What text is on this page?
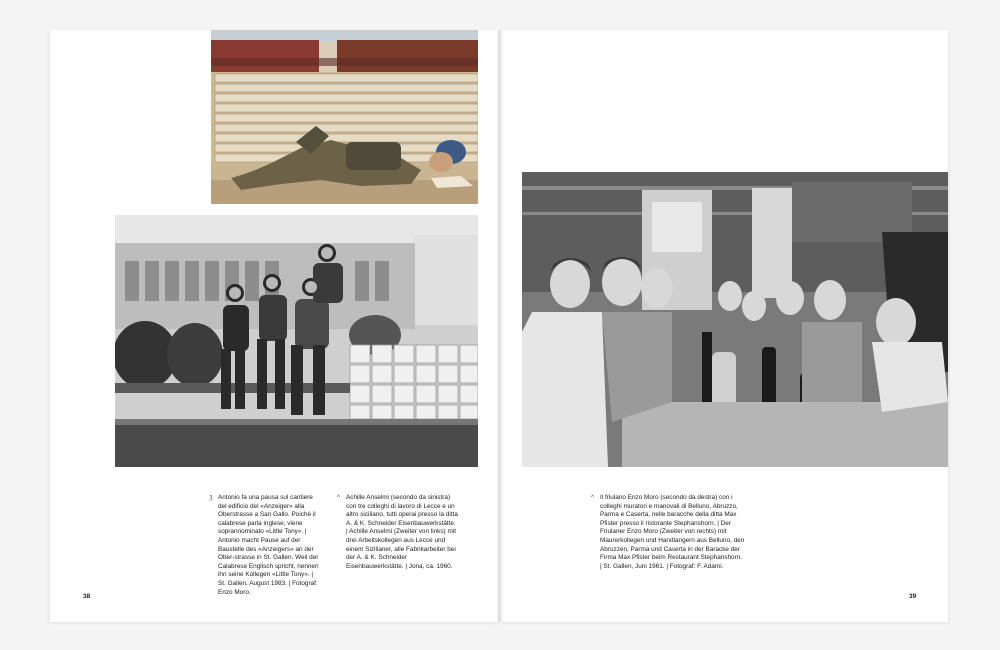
ʒ Antonio fa una pausa sul cantiere del edificio del «Anzeiger» alla Oberstrasse a San Gallo. Poiché il calabrese parla inglese, viene soprannominato «Little Tony». | Antonio macht Pause auf der Baustelle des «Anzeigers» an der Ober-strasse in St. Gallen. Weil der Calabrese Englisch spricht, nennen ihn seine Kollegen «Little Tony». | St. Gallen, August 1983. | Fotograf: Enzo Moro.

^ Achille Anselmi (secondo da sinistra) con tre colleghi di lavoro di Lecce e un altro siciliano, tutti operai presso la ditta A. & K. Schneider Eisenbauwerkstätte. | Achille Anselmi (Zweiter von links) mit drei Arbeitskollegen aus Lecce und einem Sizilianer, alle Fabrikarbeiter bei der A. & K. Schneider Eisenbauwerkstätte. | Jona, ca. 1960.

38
^ Il friulano Enzo Moro (secondo da destra) con i colleghi muratori e manovali di Belluno, Abruzzo, Parma e Caserta, nelle baracche della ditta Max Pfister presso il ristorante Stephanshorn. | Der Friulaner Enzo Moro (Zweiter von rechts) mit Maurerkollegen und Handlangern aus Belluno, den Abruzzen, Parma und Caserta in der Baracke der Firma Max Pfister beim Restaurant Stephanshorn. | St. Gallen, Juni 1961. | Fotograf: F. Adami.

39
